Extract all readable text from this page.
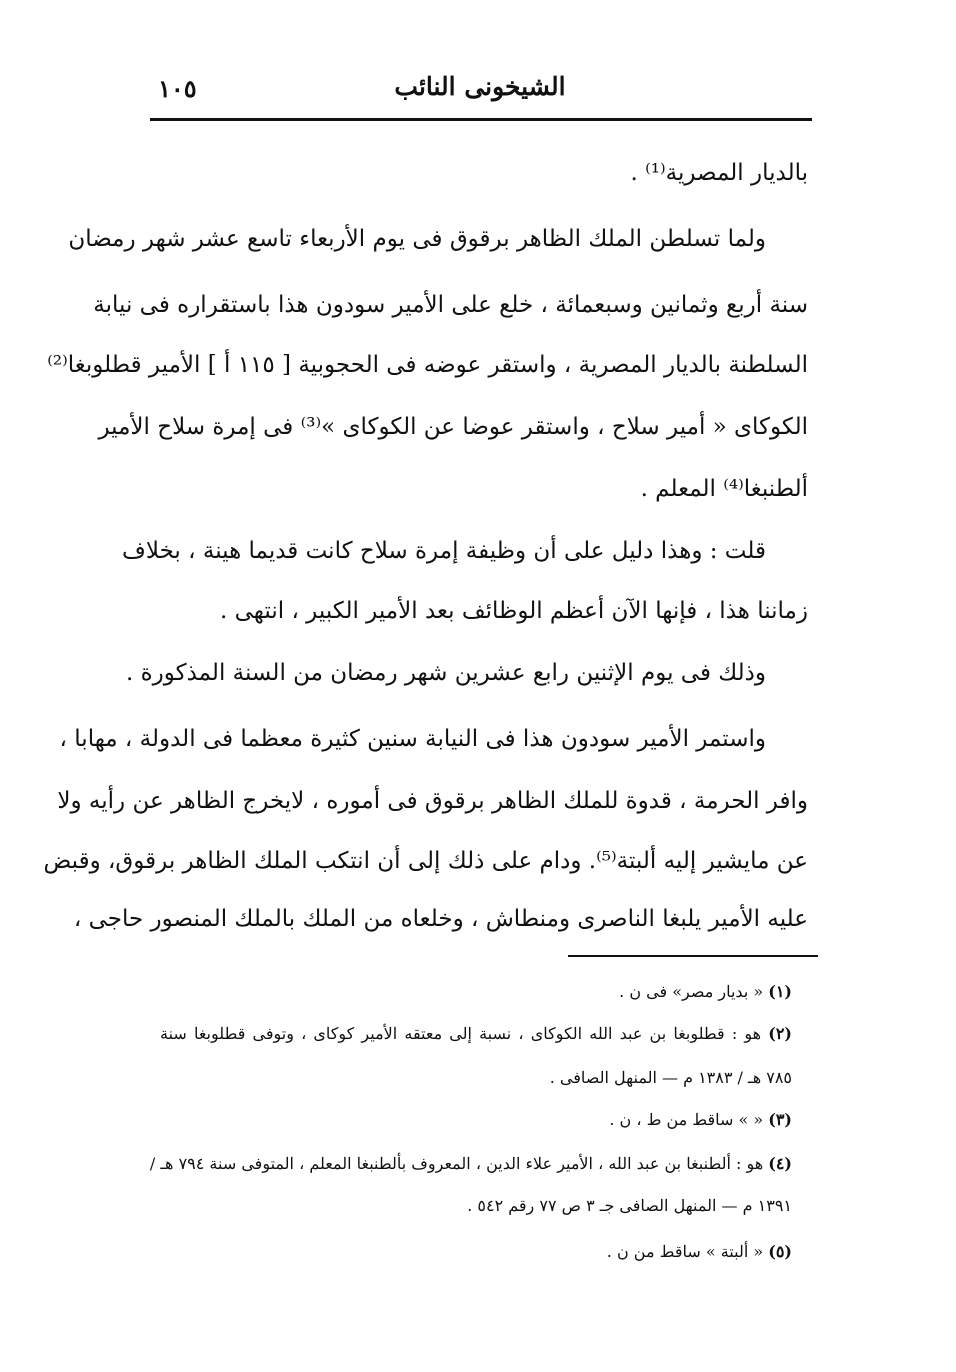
الشيخونى النائب
١٠٥
بالديار المصرية⁽¹⁾ .
ولما تسلطن الملك الظاهر برقوق فى يوم الأربعاء تاسع عشر شهر رمضان
سنة أربع وثمانين وسبعمائة ، خلع على الأمير سودون هذا باستقراره فى نيابة
السلطنة بالديار المصرية ، واستقر عوضه فى الحجوبية [ ١١٥ أ ] الأمير قطلوبغا⁽²⁾
الكوكاى « أمير سلاح ، واستقر عوضا عن الكوكاى »⁽³⁾ فى إمرة سلاح الأمير
ألطنبغا⁽⁴⁾ المعلم .
قلت : وهذا دليل على أن وظيفة إمرة سلاح كانت قديما هينة ، بخلاف
زماننا هذا ، فإنها الآن أعظم الوظائف بعد الأمير الكبير ، انتهى .
وذلك فى يوم الإثنين رابع عشرين شهر رمضان من السنة المذكورة .
واستمر الأمير سودون هذا فى النيابة سنين كثيرة معظما فى الدولة ، مهابا ،
وافر الحرمة ، قدوة للملك الظاهر برقوق فى أموره ، لايخرج الظاهر عن رأيه ولا
عن مايشير إليه ألبتة⁽⁵⁾. ودام على ذلك إلى أن انتكب الملك الظاهر برقوق، وقبض
عليه الأمير يلبغا الناصرى ومنطاش ، وخلعاه من الملك بالملك المنصور حاجى ،
(١) « بديار مصر» فى ن .
(٢) هو : قطلوبغا بن عبد الله الكوكاى ، نسبة إلى معتقه الأمير كوكاى ، وتوفى قطلوبغا سنة
٧٨٥ هـ / ١٣٨٣ م — المنهل الصافى .
(٣) « » ساقط من ط ، ن .
(٤) هو : ألطنبغا بن عبد الله ، الأمير علاء الدين ، المعروف بألطنبغا المعلم ، المتوفى سنة ٧٩٤ هـ /
١٣٩١ م — المنهل الصافى جـ ٣ ص ٧٧ رقم ٥٤٢ .
(٥) « ألبتة » ساقط من ن .
